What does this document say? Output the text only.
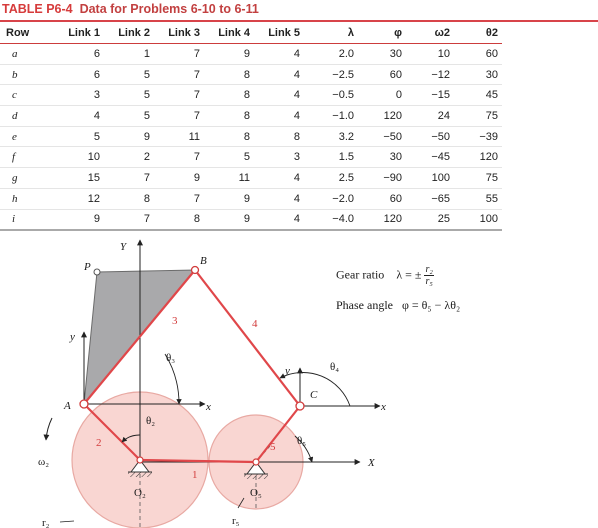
TABLE P6-4 Data for Problems 6-10 to 6-11
Row	Link 1	Link 2	Link 3	Link 4	Link 5	λ	φ	ω2	θ2
a	6	1	7	9	4	2.0	30	10	60
b	6	5	7	8	4	−2.5	60	−12	30
c	3	5	7	8	4	−0.5	0	−15	45
d	4	5	7	8	4	−1.0	120	24	75
e	5	9	11	8	8	3.2	−50	−50	−39
f	10	2	7	5	3	1.5	30	−45	120
g	15	7	9	11	4	2.5	−90	100	75
h	12	8	7	9	4	−2.0	60	−65	55
i	9	7	8	9	4	−4.0	120	25	100
P	B
A
C
Y
X
x
y
x
y
1
2
3	4
5
θ₂
θ₃
θ₄
θ₅
ω₂
O₂	O₅
r₂	r₅
Gear ratio λ = ± $\frac{\text{r₂}}{\text{r₅}}$
Phase angle φ = θ₅ − λθ₂
